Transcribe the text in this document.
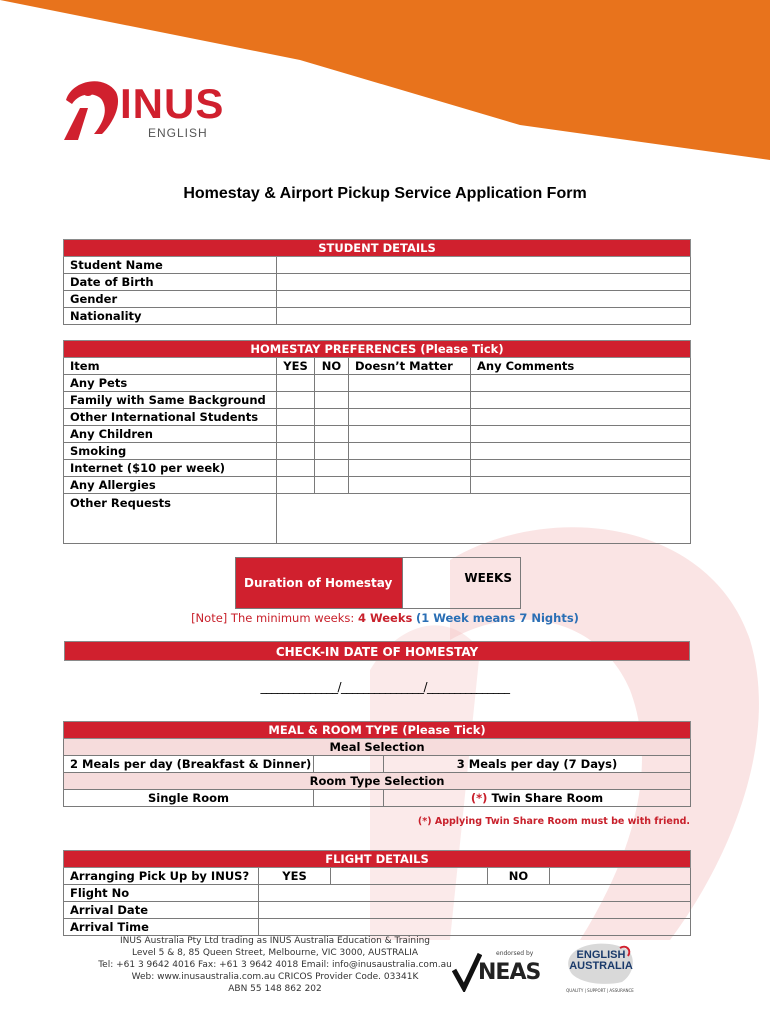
INUS
ENGLISH
Homestay & Airport Pickup Service Application Form
STUDENT DETAILS	
Student Name	
Date of Birth	
Gender	
Nationality	
HOMESTAY PREFERENCES (Please Tick)				
Item	YES	NO	Doesn’t Matter	Any Comments
Any Pets				
Family with Same Background				
Other International Students				
Any Children				
Smoking				
Internet ($10 per week)				
Any Allergies				
Other Requests				
Duration of Homestay	WEEKS
[Note] The minimum weeks: 4 Weeks (1 Week means 7 Nights)
CHECK-IN DATE OF HOMESTAY
______________/_______________/_______________
MEAL & ROOM TYPE (Please Tick)		
Meal Selection		
2 Meals per day (Breakfast & Dinner)		3 Meals per day (7 Days)
Room Type Selection		
Single Room		(*) Twin Share Room
(*) Applying Twin Share Room must be with friend.
FLIGHT DETAILS				
Arranging Pick Up by INUS?	YES		NO	
Flight No				
Arrival Date				
Arrival Time				
INUS Australia Pty Ltd trading as INUS Australia Education & Training
Level 5 & 8, 85 Queen Street, Melbourne, VIC 3000, AUSTRALIA
Tel: +61 3 9642 4016 Fax: +61 3 9642 4018 Email: info@inusaustralia.com.au
Web: www.inusaustralia.com.au CRICOS Provider Code. 03341K
ABN 55 148 862 202
endorsed by
NEAS
ENGLISH
AUSTRALIA
QUALITY | SUPPORT | ASSURANCE
